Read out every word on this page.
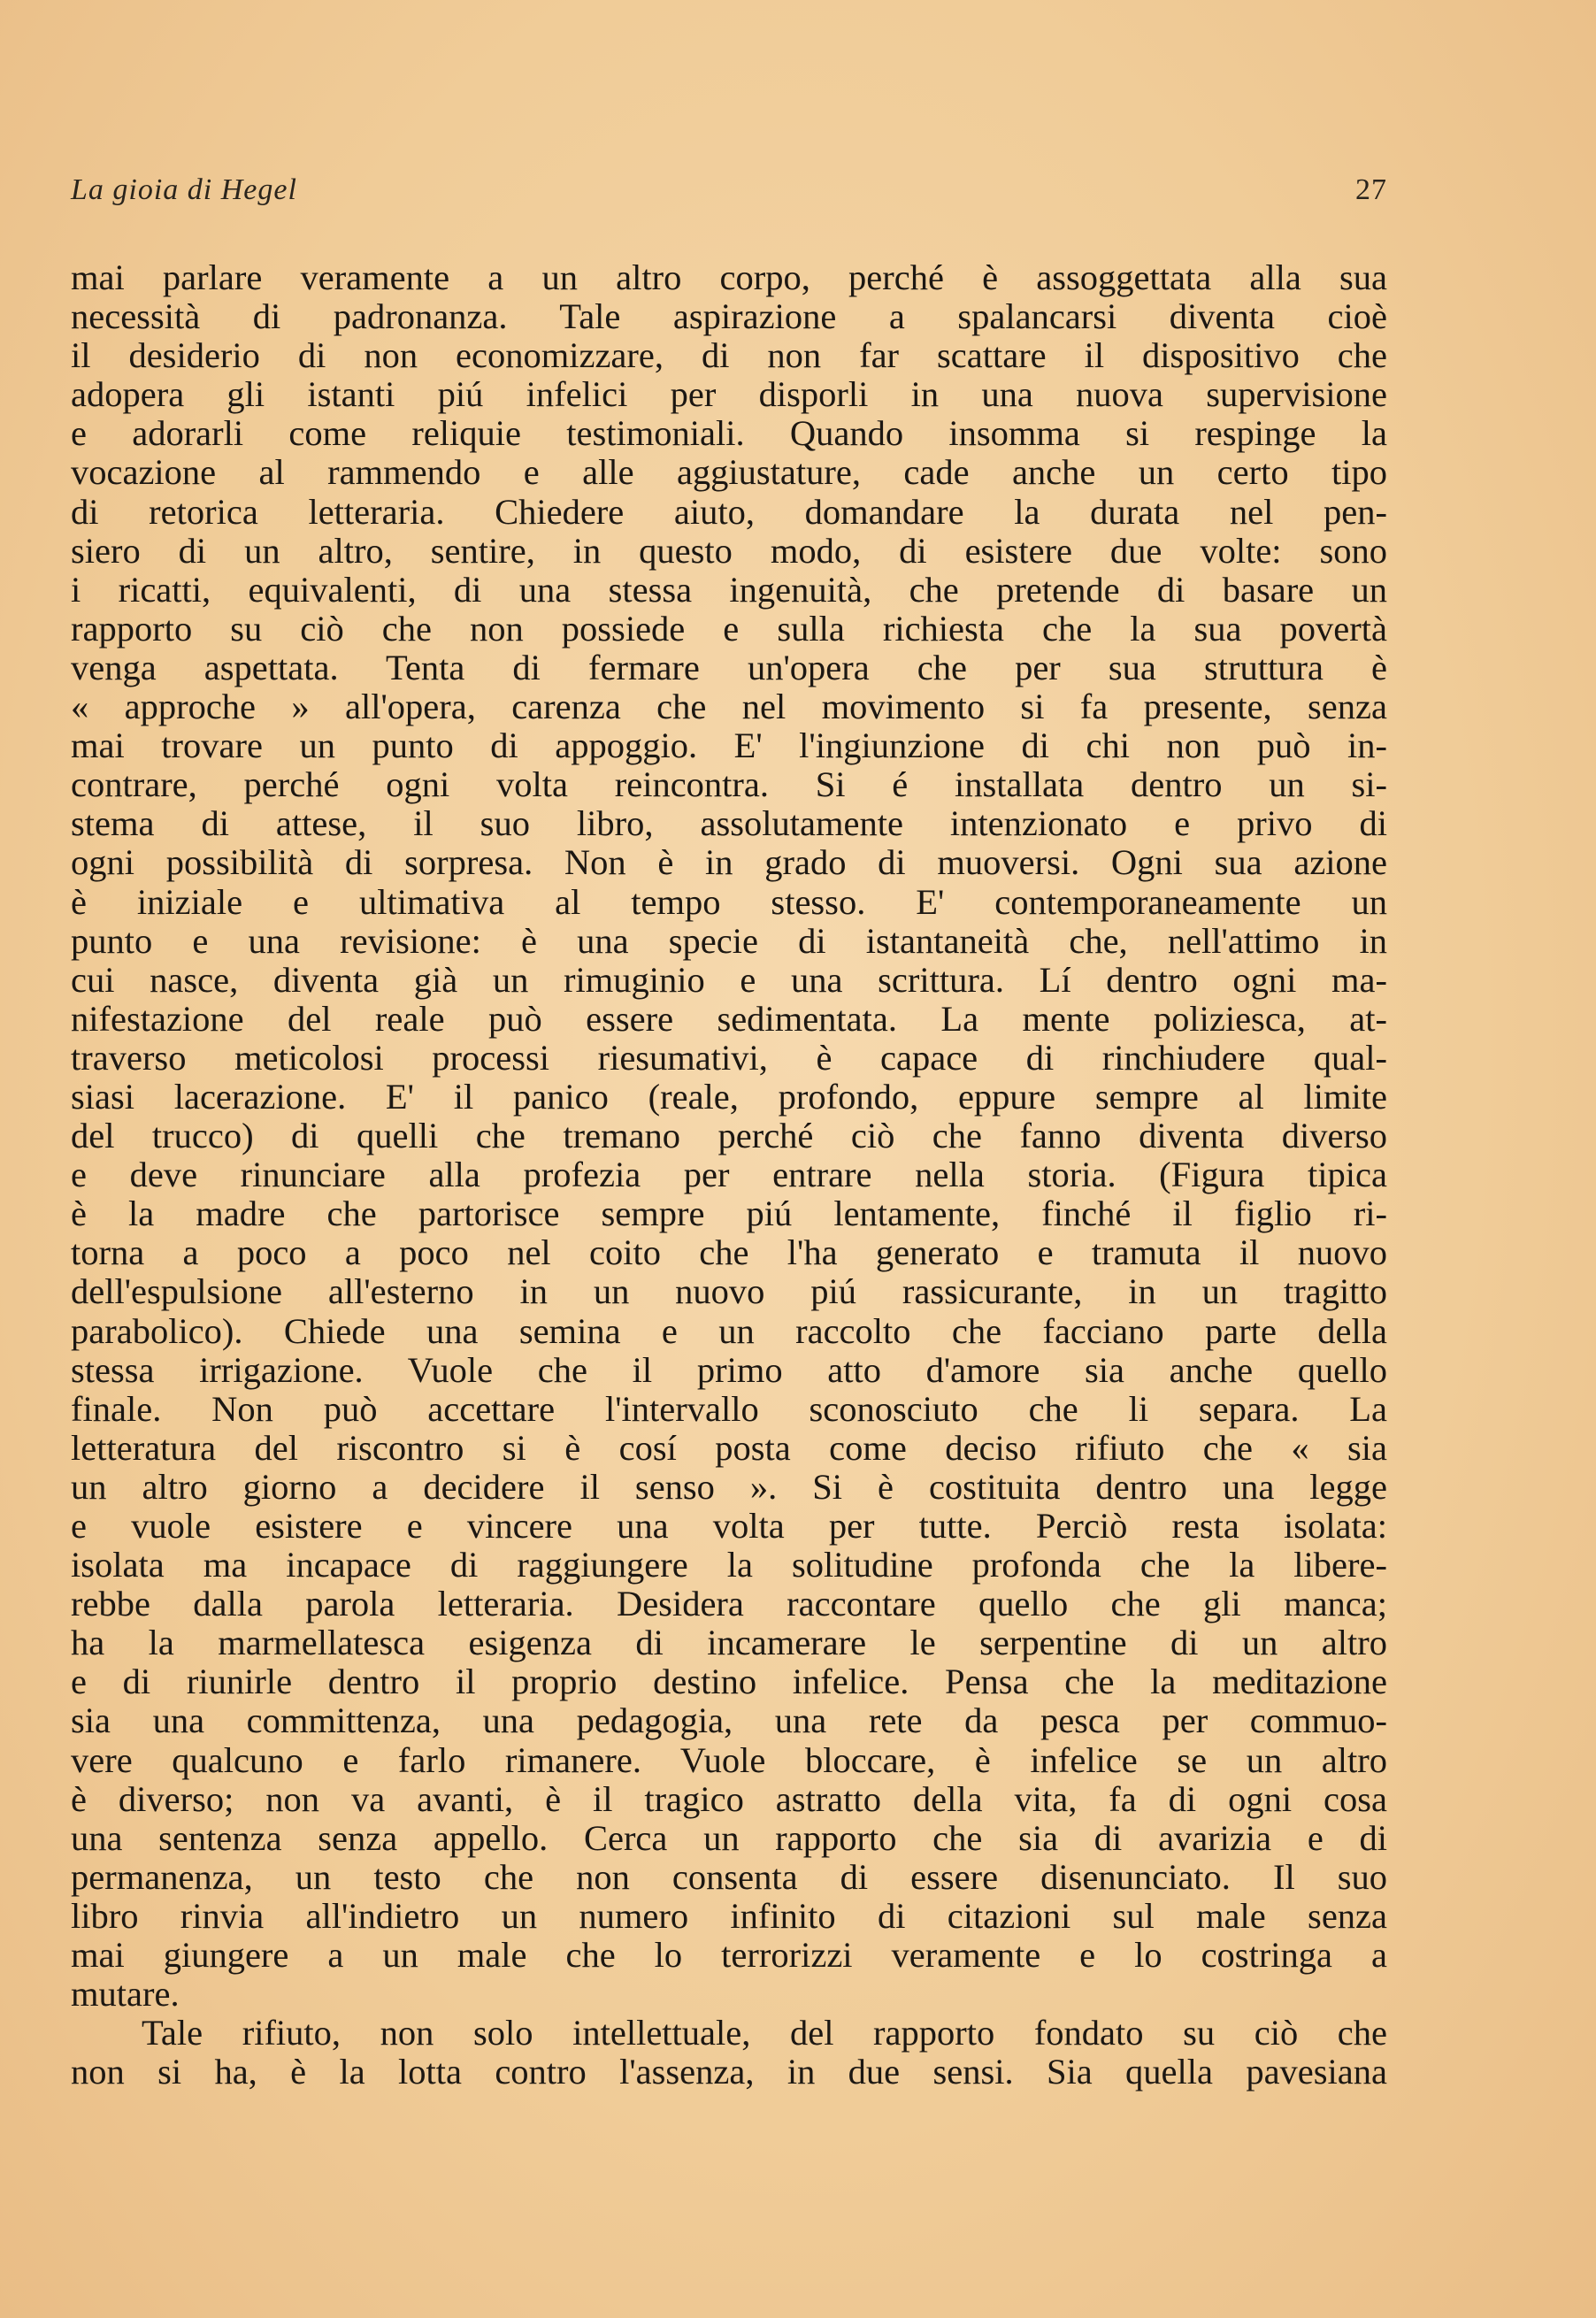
La gioia di Hegel	27
mai parlare veramente a un altro corpo, perché è assoggettata alla sua
necessità di padronanza. Tale aspirazione a spalancarsi diventa cioè
il desiderio di non economizzare, di non far scattare il dispositivo che
adopera gli istanti piú infelici per disporli in una nuova supervisione
e adorarli come reliquie testimoniali. Quando insomma si respinge la
vocazione al rammendo e alle aggiustature, cade anche un certo tipo
di retorica letteraria. Chiedere aiuto, domandare la durata nel pen-
siero di un altro, sentire, in questo modo, di esistere due volte: sono
i ricatti, equivalenti, di una stessa ingenuità, che pretende di basare un
rapporto su ciò che non possiede e sulla richiesta che la sua povertà
venga aspettata. Tenta di fermare un'opera che per sua struttura è
« approche » all'opera, carenza che nel movimento si fa presente, senza
mai trovare un punto di appoggio. E' l'ingiunzione di chi non può in-
contrare, perché ogni volta reincontra. Si é installata dentro un si-
stema di attese, il suo libro, assolutamente intenzionato e privo di
ogni possibilità di sorpresa. Non è in grado di muoversi. Ogni sua azione
è iniziale e ultimativa al tempo stesso. E' contemporaneamente un
punto e una revisione: è una specie di istantaneità che, nell'attimo in
cui nasce, diventa già un rimuginio e una scrittura. Lí dentro ogni ma-
nifestazione del reale può essere sedimentata. La mente poliziesca, at-
traverso meticolosi processi riesumativi, è capace di rinchiudere qual-
siasi lacerazione. E' il panico (reale, profondo, eppure sempre al limite
del trucco) di quelli che tremano perché ciò che fanno diventa diverso
e deve rinunciare alla profezia per entrare nella storia. (Figura tipica
è la madre che partorisce sempre piú lentamente, finché il figlio ri-
torna a poco a poco nel coito che l'ha generato e tramuta il nuovo
dell'espulsione all'esterno in un nuovo piú rassicurante, in un tragitto
parabolico). Chiede una semina e un raccolto che facciano parte della
stessa irrigazione. Vuole che il primo atto d'amore sia anche quello
finale. Non può accettare l'intervallo sconosciuto che li separa. La
letteratura del riscontro si è cosí posta come deciso rifiuto che « sia
un altro giorno a decidere il senso ». Si è costituita dentro una legge
e vuole esistere e vincere una volta per tutte. Perciò resta isolata:
isolata ma incapace di raggiungere la solitudine profonda che la libere-
rebbe dalla parola letteraria. Desidera raccontare quello che gli manca;
ha la marmellatesca esigenza di incamerare le serpentine di un altro
e di riunirle dentro il proprio destino infelice. Pensa che la meditazione
sia una committenza, una pedagogia, una rete da pesca per commuo-
vere qualcuno e farlo rimanere. Vuole bloccare, è infelice se un altro
è diverso; non va avanti, è il tragico astratto della vita, fa di ogni cosa
una sentenza senza appello. Cerca un rapporto che sia di avarizia e di
permanenza, un testo che non consenta di essere disenunciato. Il suo
libro rinvia all'indietro un numero infinito di citazioni sul male senza
mai giungere a un male che lo terrorizzi veramente e lo costringa a
mutare.
Tale rifiuto, non solo intellettuale, del rapporto fondato su ciò che
non si ha, è la lotta contro l'assenza, in due sensi. Sia quella pavesiana
